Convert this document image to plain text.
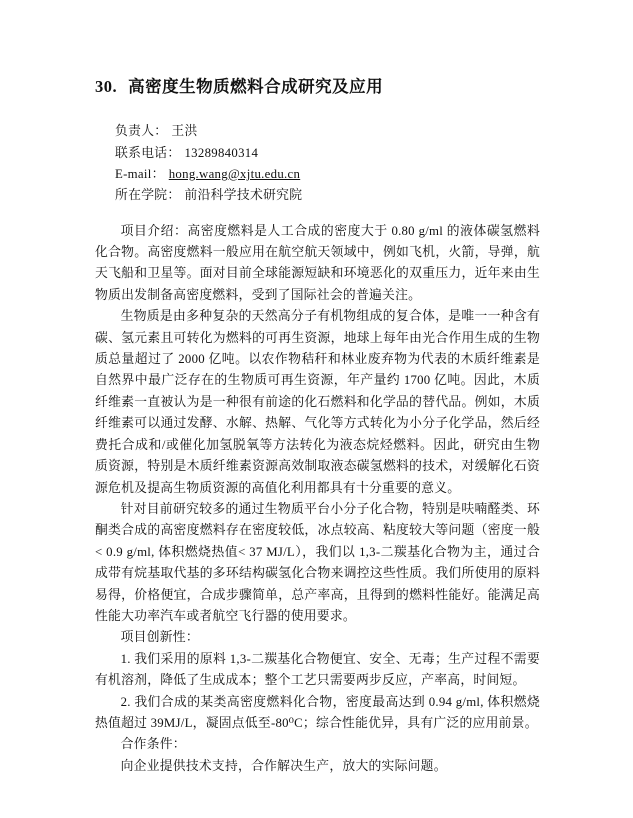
30. 高密度生物质燃料合成研究及应用
负责人： 王洪
联系电话： 13289840314
E-mail： hong.wang@xjtu.edu.cn
所在学院： 前沿科学技术研究院

项目介绍：高密度燃料是人工合成的密度大于 0.80 g/ml 的液体碳氢燃料化合物。高密度燃料一般应用在航空航天领域中，例如飞机，火箭，导弹，航天飞船和卫星等。面对目前全球能源短缺和环境恶化的双重压力，近年来由生物质出发制备高密度燃料，受到了国际社会的普遍关注。

生物质是由多种复杂的天然高分子有机物组成的复合体，是唯一一种含有碳、氢元素且可转化为燃料的可再生资源，地球上每年由光合作用生成的生物质总量超过了 2000 亿吨。以农作物秸秆和林业废弃物为代表的木质纤维素是自然界中最广泛存在的生物质可再生资源，年产量约 1700 亿吨。因此，木质纤维素一直被认为是一种很有前途的化石燃料和化学品的替代品。例如，木质纤维素可以通过发酵、水解、热解、气化等方式转化为小分子化学品，然后经费托合成和/或催化加氢脱氧等方法转化为液态烷烃燃料。因此，研究由生物质资源，特别是木质纤维素资源高效制取液态碳氢燃料的技术，对缓解化石资源危机及提高生物质资源的高值化利用都具有十分重要的意义。

针对目前研究较多的通过生物质平台小分子化合物，特别是呋喃醛类、环酮类合成的高密度燃料存在密度较低，冰点较高、粘度较大等问题（密度一般< 0.9 g/ml, 体积燃烧热值< 37 MJ/L），我们以 1,3-二羰基化合物为主，通过合成带有烷基取代基的多环结构碳氢化合物来调控这些性质。我们所使用的原料易得，价格便宜，合成步骤简单，总产率高，且得到的燃料性能好。能满足高性能大功率汽车或者航空飞行器的使用要求。

项目创新性：

1. 我们采用的原料 1,3-二羰基化合物便宜、安全、无毒；生产过程不需要有机溶剂，降低了生成成本；整个工艺只需要两步反应，产率高，时间短。

2. 我们合成的某类高密度燃料化合物，密度最高达到 0.94 g/ml, 体积燃烧热值超过 39MJ/L，凝固点低至-80⁰C；综合性能优异，具有广泛的应用前景。

合作条件：

向企业提供技术支持，合作解决生产，放大的实际问题。
